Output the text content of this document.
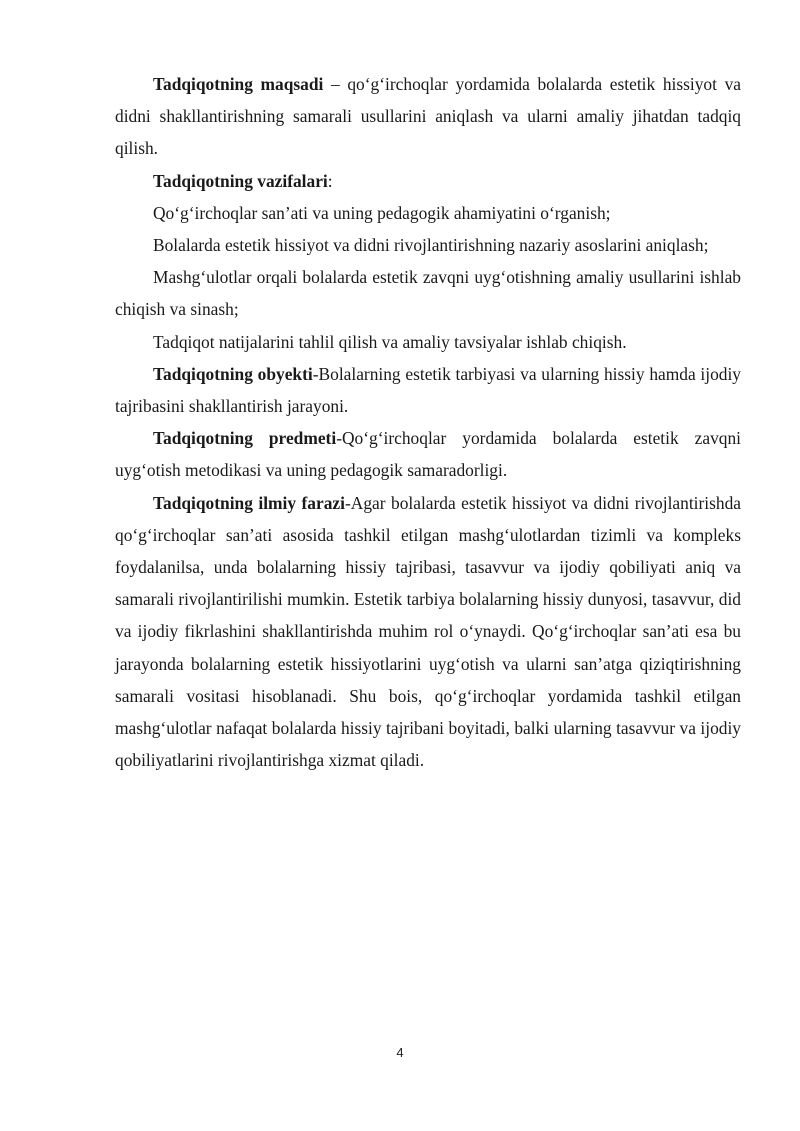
Tadqiqotning maqsadi – qo‘g‘irchoqlar yordamida bolalarda estetik hissiyot va didni shakllantirishning samarali usullarini aniqlash va ularni amaliy jihatdan tadqiq qilish.

Tadqiqotning vazifalari:

Qo‘g‘irchoqlar san’ati va uning pedagogik ahamiyatini o‘rganish;

Bolalarda estetik hissiyot va didni rivojlantirishning nazariy asoslarini aniqlash;

Mashg‘ulotlar orqali bolalarda estetik zavqni uyg‘otishning amaliy usullarini ishlab chiqish va sinash;

Tadqiqot natijalarini tahlil qilish va amaliy tavsiyalar ishlab chiqish.

Tadqiqotning obyekti-Bolalarning estetik tarbiyasi va ularning hissiy hamda ijodiy tajribasini shakllantirish jarayoni.

Tadqiqotning predmeti-Qo‘g‘irchoqlar yordamida bolalarda estetik zavqni uyg‘otish metodikasi va uning pedagogik samaradorligi.

Tadqiqotning ilmiy farazi-Agar bolalarda estetik hissiyot va didni rivojlantirishda qo‘g‘irchoqlar san’ati asosida tashkil etilgan mashg‘ulotlardan tizimli va kompleks foydalanilsa, unda bolalarning hissiy tajribasi, tasavvur va ijodiy qobiliyati aniq va samarali rivojlantirilishi mumkin. Estetik tarbiya bolalarning hissiy dunyosi, tasavvur, did va ijodiy fikrlashini shakllantirishda muhim rol o‘ynaydi. Qo‘g‘irchoqlar san’ati esa bu jarayonda bolalarning estetik hissiyotlarini uyg‘otish va ularni san’atga qiziqtirishning samarali vositasi hisoblanadi. Shu bois, qo‘g‘irchoqlar yordamida tashkil etilgan mashg‘ulotlar nafaqat bolalarda hissiy tajribani boyitadi, balki ularning tasavvur va ijodiy qobiliyatlarini rivojlantirishga xizmat qiladi.

4
